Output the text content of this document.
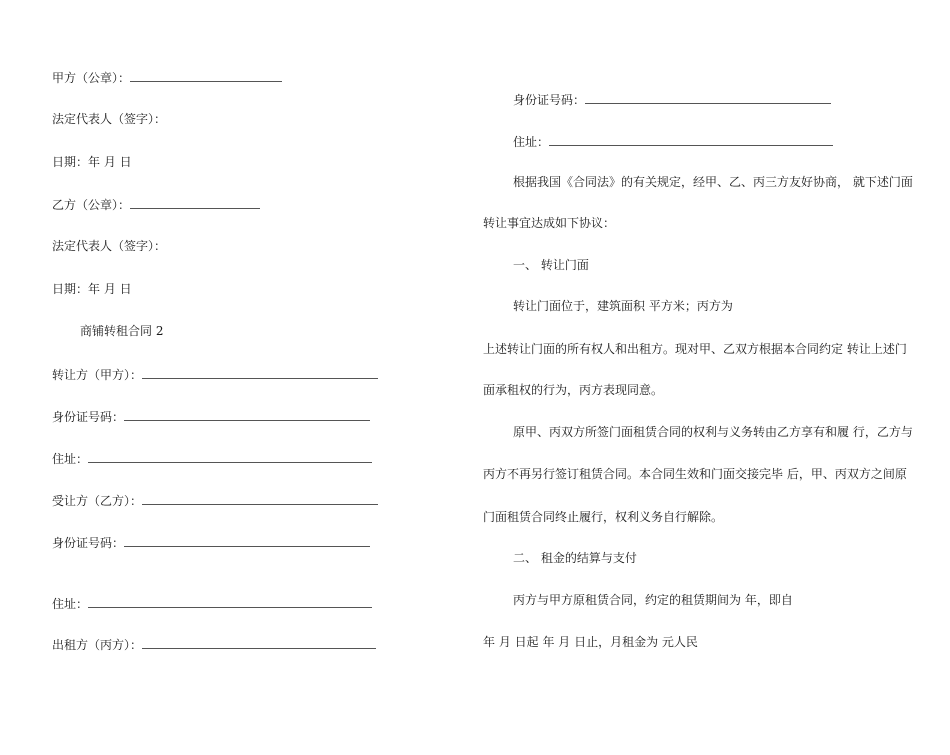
甲方（公章）：
法定代表人（签字）：
日期：年 月 日
乙方（公章）：
法定代表人（签字）：
日期：年 月 日
商铺转租合同 2
转让方（甲方）：
身份证号码：
住址：
受让方（乙方）：
身份证号码：
住址：
出租方（丙方）：
身份证号码：
住址：
根据我国《合同法》的有关规定，经甲、乙、丙三方友好协商， 就下述门面
转让事宜达成如下协议：
一、 转让门面
转让门面位于，建筑面积 平方米；丙方为
上述转让门面的所有权人和出租方。现对甲、乙双方根据本合同约定 转让上述门
面承租权的行为，丙方表现同意。
原甲、丙双方所签门面租赁合同的权利与义务转由乙方享有和履 行，乙方与
丙方不再另行签订租赁合同。本合同生效和门面交接完毕 后，甲、丙双方之间原
门面租赁合同终止履行，权利义务自行解除。
二、 租金的结算与支付
丙方与甲方原租赁合同，约定的租赁期间为 年，即自
年 月 日起 年 月 日止，月租金为 元人民
